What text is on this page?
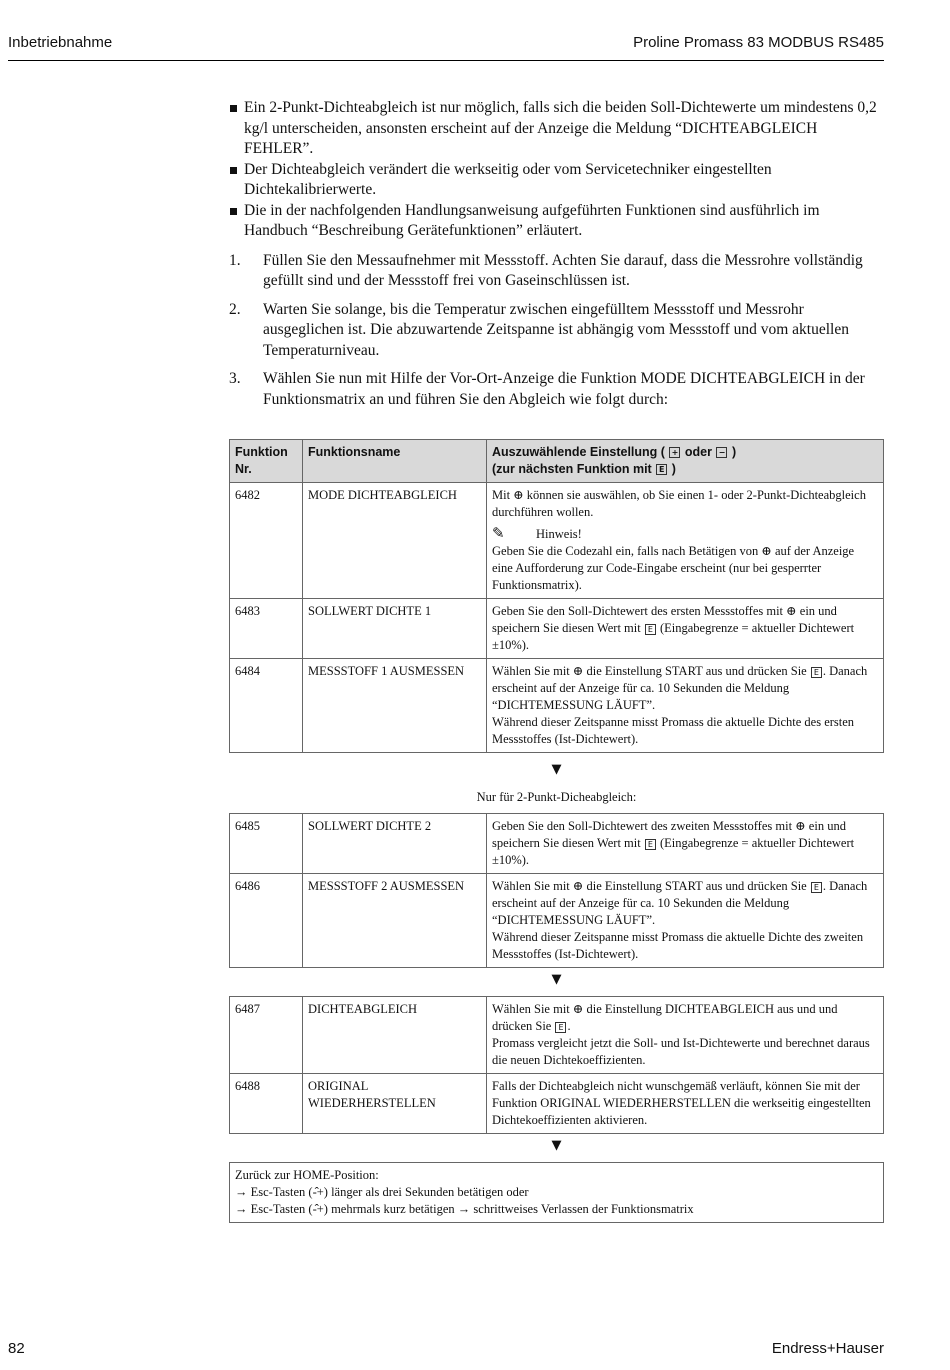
Inbetriebnahme	Proline Promass 83 MODBUS RS485
Ein 2-Punkt-Dichteabgleich ist nur möglich, falls sich die beiden Soll-Dichtewerte um mindestens 0,2 kg/l unterscheiden, ansonsten erscheint auf der Anzeige die Meldung “DICHTEABGLEICH FEHLER”.
Der Dichteabgleich verändert die werkseitig oder vom Servicetechniker eingestellten Dichtekalibrierwerte.
Die in der nachfolgenden Handlungsanweisung aufgeführten Funktionen sind ausführlich im Handbuch “Beschreibung Gerätefunktionen” erläutert.
1. Füllen Sie den Messaufnehmer mit Messstoff. Achten Sie darauf, dass die Messrohre vollständig gefüllt sind und der Messstoff frei von Gaseinschlüssen ist.
2. Warten Sie solange, bis die Temperatur zwischen eingefülltem Messstoff und Messrohr ausgeglichen ist. Die abzuwartende Zeitspanne ist abhängig vom Messstoff und vom aktuellen Temperaturniveau.
3. Wählen Sie nun mit Hilfe der Vor-Ort-Anzeige die Funktion MODE DICHTEABGLEICH in der Funktionsmatrix an und führen Sie den Abgleich wie folgt durch:
Funktion Nr.	Funktionsname	Auszuwählende Einstellung ( + oder − )
(zur nächsten Funktion mit E )
6482	MODE DICHTEABGLEICH	Mit ⊕ können sie auswählen, ob Sie einen 1- oder 2-Punkt-Dichteabgleich durchführen wollen.
✎ Hinweis!
Geben Sie die Codezahl ein, falls nach Betätigen von ⊕ auf der Anzeige eine Aufforderung zur Code-Eingabe erscheint (nur bei gesperrter Funktionsmatrix).
6483	SOLLWERT DICHTE 1	Geben Sie den Soll-Dichtewert des ersten Messstoffes mit ⊕ ein und speichern Sie diesen Wert mit E (Eingabegrenze = aktueller Dichtewert ±10%).
6484	MESSSTOFF 1 AUSMESSEN	Wählen Sie mit ⊕ die Einstellung START aus und drücken Sie E . Danach erscheint auf der Anzeige für ca. 10 Sekunden die Meldung “DICHTEMESSUNG LÄUFT”.
Während dieser Zeitspanne misst Promass die aktuelle Dichte des ersten Messstoffes (Ist-Dichtewert).
▼
Nur für 2-Punkt-Dicheabgleich:
6485	SOLLWERT DICHTE 2	Geben Sie den Soll-Dichtewert des zweiten Messstoffes mit ⊕ ein und speichern Sie diesen Wert mit E (Eingabegrenze = aktueller Dichtewert ±10%).
6486	MESSSTOFF 2 AUSMESSEN	Wählen Sie mit ⊕ die Einstellung START aus und drücken Sie E . Danach erscheint auf der Anzeige für ca. 10 Sekunden die Meldung “DICHTEMESSUNG LÄUFT”.
Während dieser Zeitspanne misst Promass die aktuelle Dichte des zweiten Messstoffes (Ist-Dichtewert).
▼
6487	DICHTEABGLEICH	Wählen Sie mit ⊕ die Einstellung DICHTEABGLEICH aus und und drücken Sie E .
Promass vergleicht jetzt die Soll- und Ist-Dichtewerte und berechnet daraus die neuen Dichtekoeffizienten.
6488	ORIGINAL WIEDERHERSTELLEN	Falls der Dichteabgleich nicht wunschgemäß verläuft, können Sie mit der Funktion ORIGINAL WIEDERHERSTELLEN die werkseitig eingestellten Dichtekoeffizienten aktivieren.
▼
Zurück zur HOME-Position:
→ Esc-Tasten (-̂+) länger als drei Sekunden betätigen oder
→ Esc-Tasten (-̂+) mehrmals kurz betätigen → schrittweises Verlassen der Funktionsmatrix
82	Endress+Hauser
